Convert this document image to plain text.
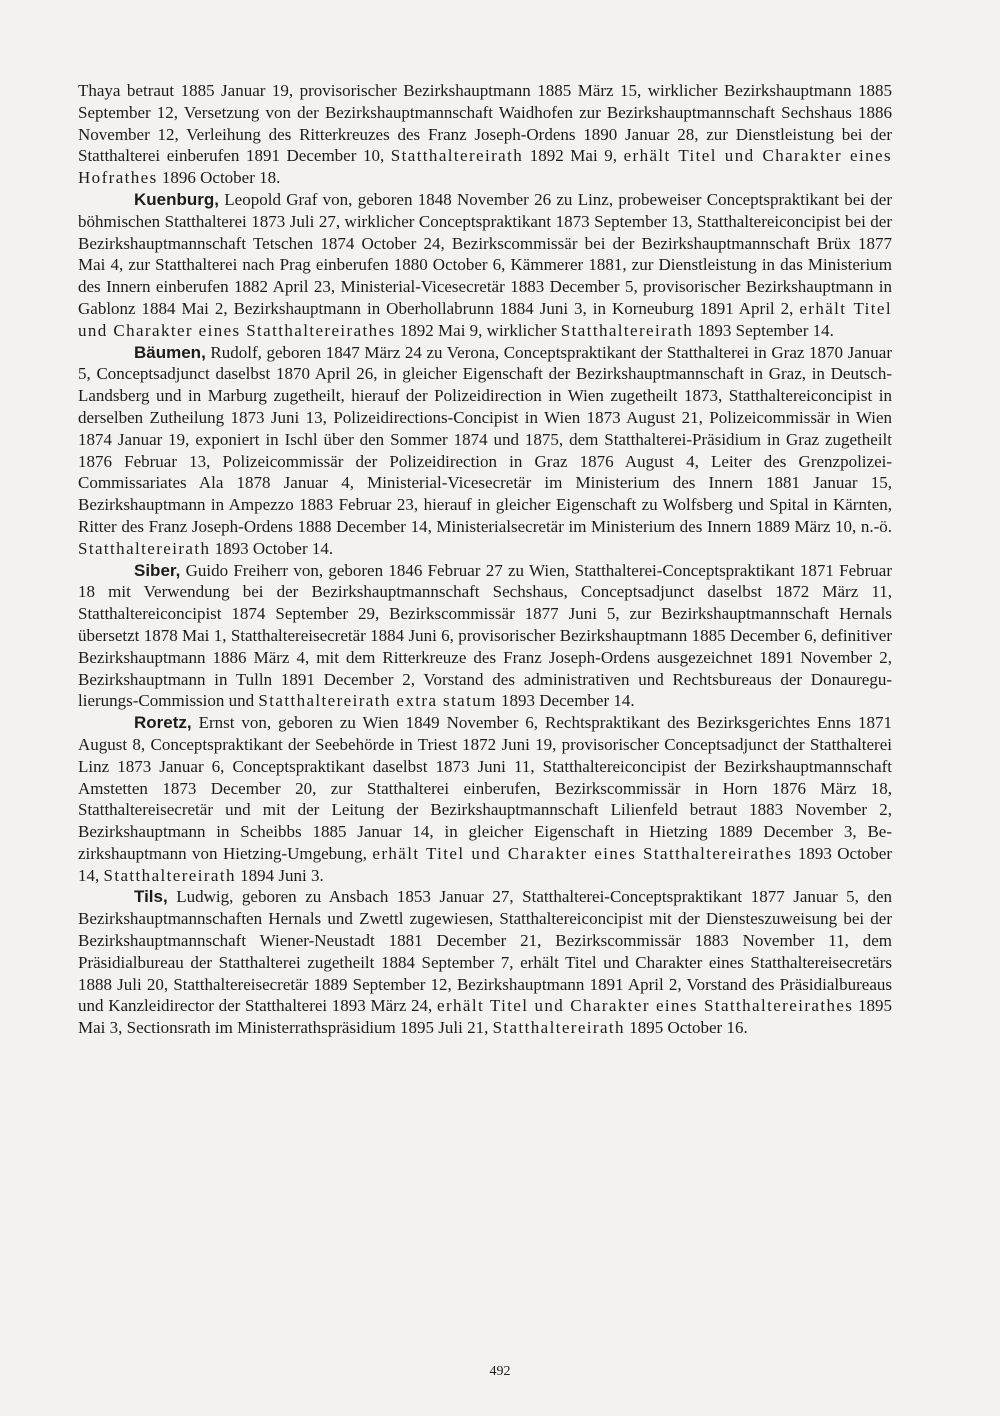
Thaya betraut 1885 Januar 19, provisorischer Bezirkshauptmann 1885 März 15, wirklicher Bezirkshauptmann 1885 September 12, Versetzung von der Bezirkshauptmannschaft Waidhofen zur Bezirkshauptmannschaft Sechshaus 1886 November 12, Verleihung des Ritterkreuzes des Franz Joseph-Ordens 1890 Januar 28, zur Dienstleistung bei der Statthalterei einberufen 1891 December 10, Statthaltereirath 1892 Mai 9, erhält Titel und Charakter eines Hofrathes 1896 October 18.

Kuenburg, Leopold Graf von, geboren 1848 November 26 zu Linz, probeweiser Conceptspraktikant bei der böhmischen Statthalterei 1873 Juli 27, wirklicher Conceptspraktikant 1873 September 13, Statthaltereiconcipist bei der Bezirkshauptmannschaft Tetschen 1874 October 24, Bezirkscommissär bei der Bezirkshauptmannschaft Brüx 1877 Mai 4, zur Statthalterei nach Prag einberufen 1880 October 6, Kämmerer 1881, zur Dienstleistung in das Ministerium des Innern einberufen 1882 April 23, Ministerial-Vicesecretär 1883 December 5, provisorischer Bezirkshauptmann in Gablonz 1884 Mai 2, Bezirkshauptmann in Oberhollabrunn 1884 Juni 3, in Korneuburg 1891 April 2, erhält Titel und Charakter eines Statthaltereirathes 1892 Mai 9, wirklicher Statthaltereirath 1893 September 14.

Bäumen, Rudolf, geboren 1847 März 24 zu Verona, Conceptspraktikant der Statthalterei in Graz 1870 Januar 5, Conceptsadjunct daselbst 1870 April 26, in gleicher Eigenschaft der Bezirkshauptmannschaft in Graz, in Deutsch-Landsberg und in Marburg zugetheilt, hierauf der Polizeidirection in Wien zugetheilt 1873, Statthaltereiconcipist in derselben Zutheilung 1873 Juni 13, Polizeidirections-Concipist in Wien 1873 August 21, Polizeicommissär in Wien 1874 Januar 19, exponiert in Ischl über den Sommer 1874 und 1875, dem Statthalterei-Präsidium in Graz zugetheilt 1876 Februar 13, Polizeicommissär der Polizeidirection in Graz 1876 August 4, Leiter des Grenzpolizei-Commissariates Ala 1878 Januar 4, Ministerial-Vicesecretär im Ministerium des Innern 1881 Januar 15, Bezirkshauptmann in Ampezzo 1883 Februar 23, hierauf in gleicher Eigenschaft zu Wolfsberg und Spital in Kärnten, Ritter des Franz Joseph-Ordens 1888 December 14, Ministerialsecretär im Ministerium des Innern 1889 März 10, n.-ö. Statthaltereirath 1893 October 14.

Siber, Guido Freiherr von, geboren 1846 Februar 27 zu Wien, Statthalterei-Conceptspraktikant 1871 Februar 18 mit Verwendung bei der Bezirkshauptmannschaft Sechshaus, Conceptsadjunct daselbst 1872 März 11, Statthaltereiconcipist 1874 September 29, Bezirkscommissär 1877 Juni 5, zur Bezirkshauptmannschaft Hernals übersetzt 1878 Mai 1, Statthaltereisecretär 1884 Juni 6, provisorischer Bezirkshauptmann 1885 December 6, definitiver Bezirkshauptmann 1886 März 4, mit dem Ritterkreuze des Franz Joseph-Ordens ausgezeichnet 1891 November 2, Bezirkshauptmann in Tulln 1891 December 2, Vorstand des administrativen und Rechtsbureaus der Donauregulierungs-Commission und Statthaltereirath extra statum 1893 December 14.

Roretz, Ernst von, geboren zu Wien 1849 November 6, Rechtspraktikant des Bezirksgerichtes Enns 1871 August 8, Conceptspraktikant der Seebehörde in Triest 1872 Juni 19, provisorischer Conceptsadjunct der Statthalterei Linz 1873 Januar 6, Conceptspraktikant daselbst 1873 Juni 11, Statthaltereiconcipist der Bezirkshauptmannschaft Amstetten 1873 December 20, zur Statthalterei einberufen, Bezirkscommissär in Horn 1876 März 18, Statthaltereisecretär und mit der Leitung der Bezirkshauptmannschaft Lilienfeld betraut 1883 November 2, Bezirkshauptmann in Scheibbs 1885 Januar 14, in gleicher Eigenschaft in Hietzing 1889 December 3, Bezirkshauptmann von Hietzing-Umgebung, erhält Titel und Charakter eines Statthaltereirathes 1893 October 14, Statthaltereirath 1894 Juni 3.

Tils, Ludwig, geboren zu Ansbach 1853 Januar 27, Statthalterei-Conceptspraktikant 1877 Januar 5, den Bezirkshauptmannschaften Hernals und Zwettl zugewiesen, Statthaltereiconcipist mit der Diensteszuweisung bei der Bezirkshauptmannschaft Wiener-Neustadt 1881 December 21, Bezirkscommissär 1883 November 11, dem Präsidialbureau der Statthalterei zugetheilt 1884 September 7, erhält Titel und Charakter eines Statthaltereisecretärs 1888 Juli 20, Statthaltereisecretär 1889 September 12, Bezirkshauptmann 1891 April 2, Vorstand des Präsidialbureaus und Kanzleidirector der Statthalterei 1893 März 24, erhält Titel und Charakter eines Statthaltereirathes 1895 Mai 3, Sectionsrath im Ministerrathspräsidium 1895 Juli 21, Statthaltereirath 1895 October 16.

492
